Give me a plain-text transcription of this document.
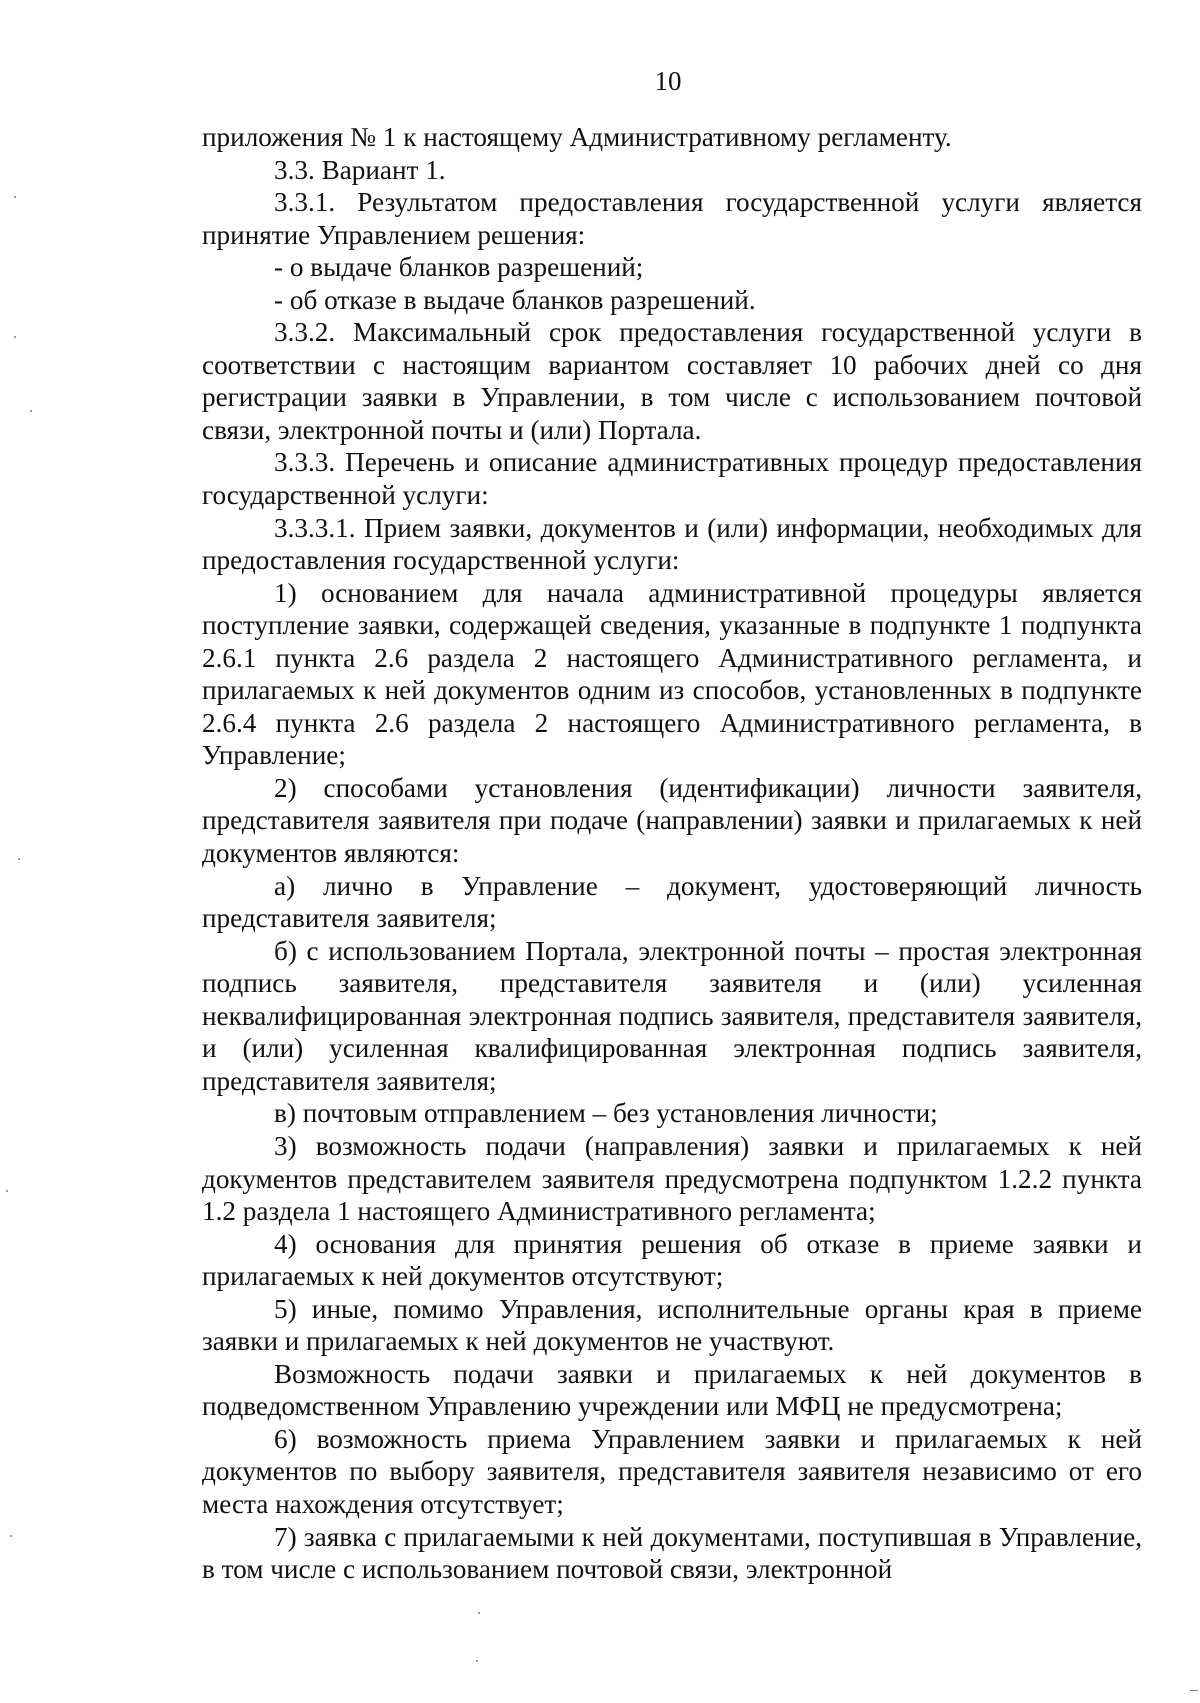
10

приложения № 1 к настоящему Административному регламенту.

3.3. Вариант 1.

3.3.1. Результатом предоставления государственной услуги является принятие Управлением решения:

- о выдаче бланков разрешений;

- об отказе в выдаче бланков разрешений.

3.3.2. Максимальный срок предоставления государственной услуги в соответствии с настоящим вариантом составляет 10 рабочих дней со дня регистрации заявки в Управлении, в том числе с использованием почтовой связи, электронной почты и (или) Портала.

3.3.3. Перечень и описание административных процедур предоставления государственной услуги:

3.3.3.1. Прием заявки, документов и (или) информации, необходимых для предоставления государственной услуги:

1) основанием для начала административной процедуры является поступление заявки, содержащей сведения, указанные в подпункте 1 подпункта 2.6.1 пункта 2.6 раздела 2 настоящего Административного регламента, и прилагаемых к ней документов одним из способов, установленных в подпункте 2.6.4 пункта 2.6 раздела 2 настоящего Административного регламента, в Управление;

2) способами установления (идентификации) личности заявителя, представителя заявителя при подаче (направлении) заявки и прилагаемых к ней документов являются:

а) лично в Управление – документ, удостоверяющий личность представителя заявителя;

б) с использованием Портала, электронной почты – простая электронная подпись заявителя, представителя заявителя и (или) усиленная неквалифицированная электронная подпись заявителя, представителя заявителя, и (или) усиленная квалифицированная электронная подпись заявителя, представителя заявителя;

в) почтовым отправлением – без установления личности;

3) возможность подачи (направления) заявки и прилагаемых к ней документов представителем заявителя предусмотрена подпунктом 1.2.2 пункта 1.2 раздела 1 настоящего Административного регламента;

4) основания для принятия решения об отказе в приеме заявки и прилагаемых к ней документов отсутствуют;

5) иные, помимо Управления, исполнительные органы края в приеме заявки и прилагаемых к ней документов не участвуют.

Возможность подачи заявки и прилагаемых к ней документов в подведомственном Управлению учреждении или МФЦ не предусмотрена;

6) возможность приема Управлением заявки и прилагаемых к ней документов по выбору заявителя, представителя заявителя независимо от его места нахождения отсутствует;

7) заявка с прилагаемыми к ней документами, поступившая в Управление, в том числе с использованием почтовой связи, электронной
